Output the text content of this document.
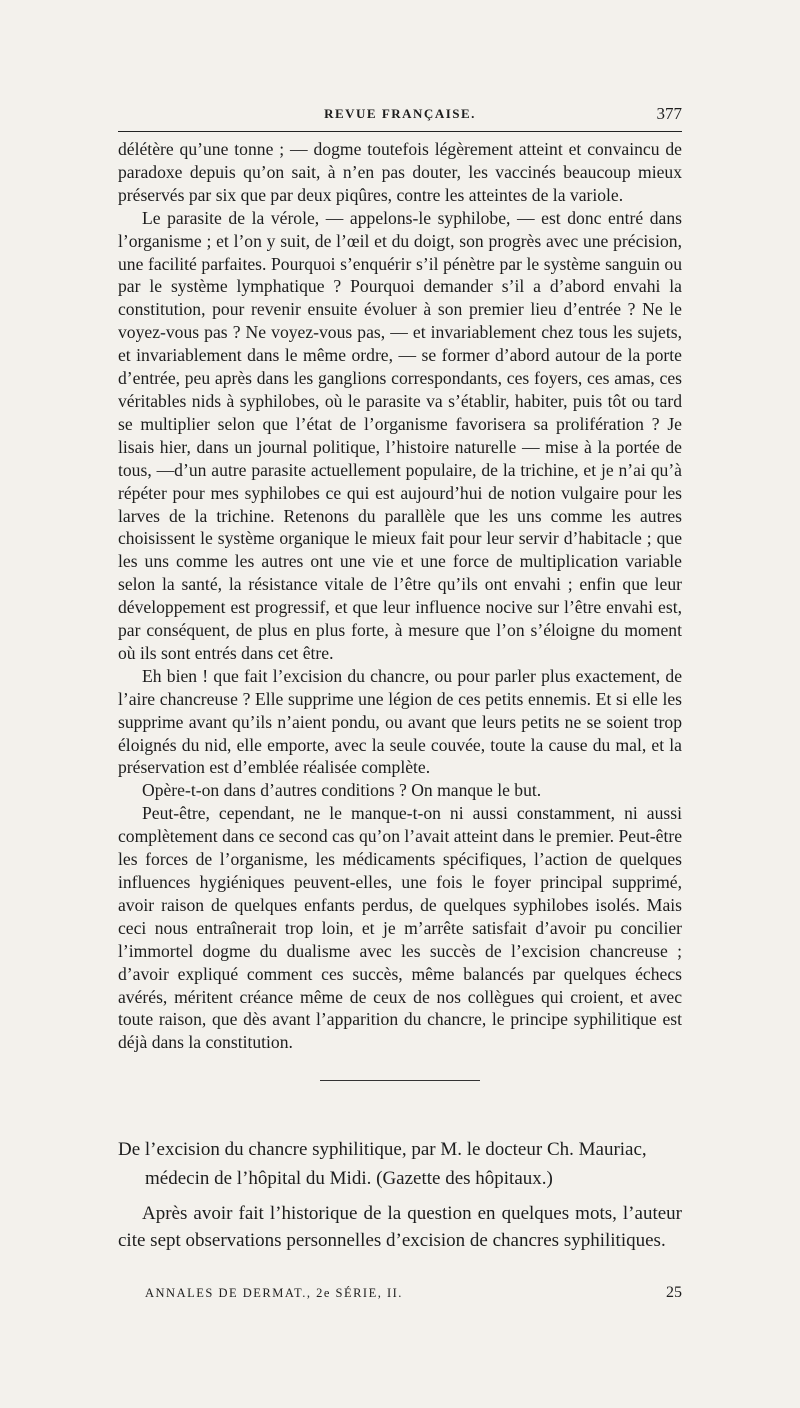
REVUE FRANÇAISE.	377

délétère qu’une tonne ; — dogme toutefois légèrement atteint et convaincu de paradoxe depuis qu’on sait, à n’en pas douter, les vaccinés beaucoup mieux préservés par six que par deux piqûres, contre les atteintes de la variole.

Le parasite de la vérole, — appelons-le syphilobe, — est donc entré dans l’organisme ; et l’on y suit, de l’œil et du doigt, son progrès avec une précision, une facilité parfaites. Pourquoi s’enquérir s’il pénètre par le système sanguin ou par le système lymphatique ? Pourquoi demander s’il a d’abord envahi la constitution, pour revenir ensuite évoluer à son premier lieu d’entrée ? Ne le voyez-vous pas ? Ne voyez-vous pas, — et invariablement chez tous les sujets, et invariablement dans le même ordre, — se former d’abord autour de la porte d’entrée, peu après dans les ganglions correspondants, ces foyers, ces amas, ces véritables nids à syphilobes, où le parasite va s’établir, habiter, puis tôt ou tard se multiplier selon que l’état de l’organisme favorisera sa prolifération ? Je lisais hier, dans un journal politique, l’histoire naturelle — mise à la portée de tous, —d’un autre parasite actuellement populaire, de la trichine, et je n’ai qu’à répéter pour mes syphilobes ce qui est aujourd’hui de notion vulgaire pour les larves de la trichine. Retenons du parallèle que les uns comme les autres choisissent le système organique le mieux fait pour leur servir d’habitacle ; que les uns comme les autres ont une vie et une force de multiplication variable selon la santé, la résistance vitale de l’être qu’ils ont envahi ; enfin que leur développement est progressif, et que leur influence nocive sur l’être envahi est, par conséquent, de plus en plus forte, à mesure que l’on s’éloigne du moment où ils sont entrés dans cet être.

Eh bien ! que fait l’excision du chancre, ou pour parler plus exactement, de l’aire chancreuse ? Elle supprime une légion de ces petits ennemis. Et si elle les supprime avant qu’ils n’aient pondu, ou avant que leurs petits ne se soient trop éloignés du nid, elle emporte, avec la seule couvée, toute la cause du mal, et la préservation est d’emblée réalisée complète.

Opère-t-on dans d’autres conditions ? On manque le but.

Peut-être, cependant, ne le manque-t-on ni aussi constamment, ni aussi complètement dans ce second cas qu’on l’avait atteint dans le premier. Peut-être les forces de l’organisme, les médicaments spécifiques, l’action de quelques influences hygiéniques peuvent-elles, une fois le foyer principal supprimé, avoir raison de quelques enfants perdus, de quelques syphilobes isolés. Mais ceci nous entraînerait trop loin, et je m’arrête satisfait d’avoir pu concilier l’immortel dogme du dualisme avec les succès de l’excision chancreuse ; d’avoir expliqué comment ces succès, même balancés par quelques échecs avérés, méritent créance même de ceux de nos collègues qui croient, et avec toute raison, que dès avant l’apparition du chancre, le principe syphilitique est déjà dans la constitution.

De l’excision du chancre syphilitique, par M. le docteur Ch. Mauriac,
médecin de l’hôpital du Midi. (Gazette des hôpitaux.)

Après avoir fait l’historique de la question en quelques mots, l’auteur cite sept observations personnelles d’excision de chancres syphilitiques.

ANNALES DE DERMAT., 2e SÉRIE, II.	25
